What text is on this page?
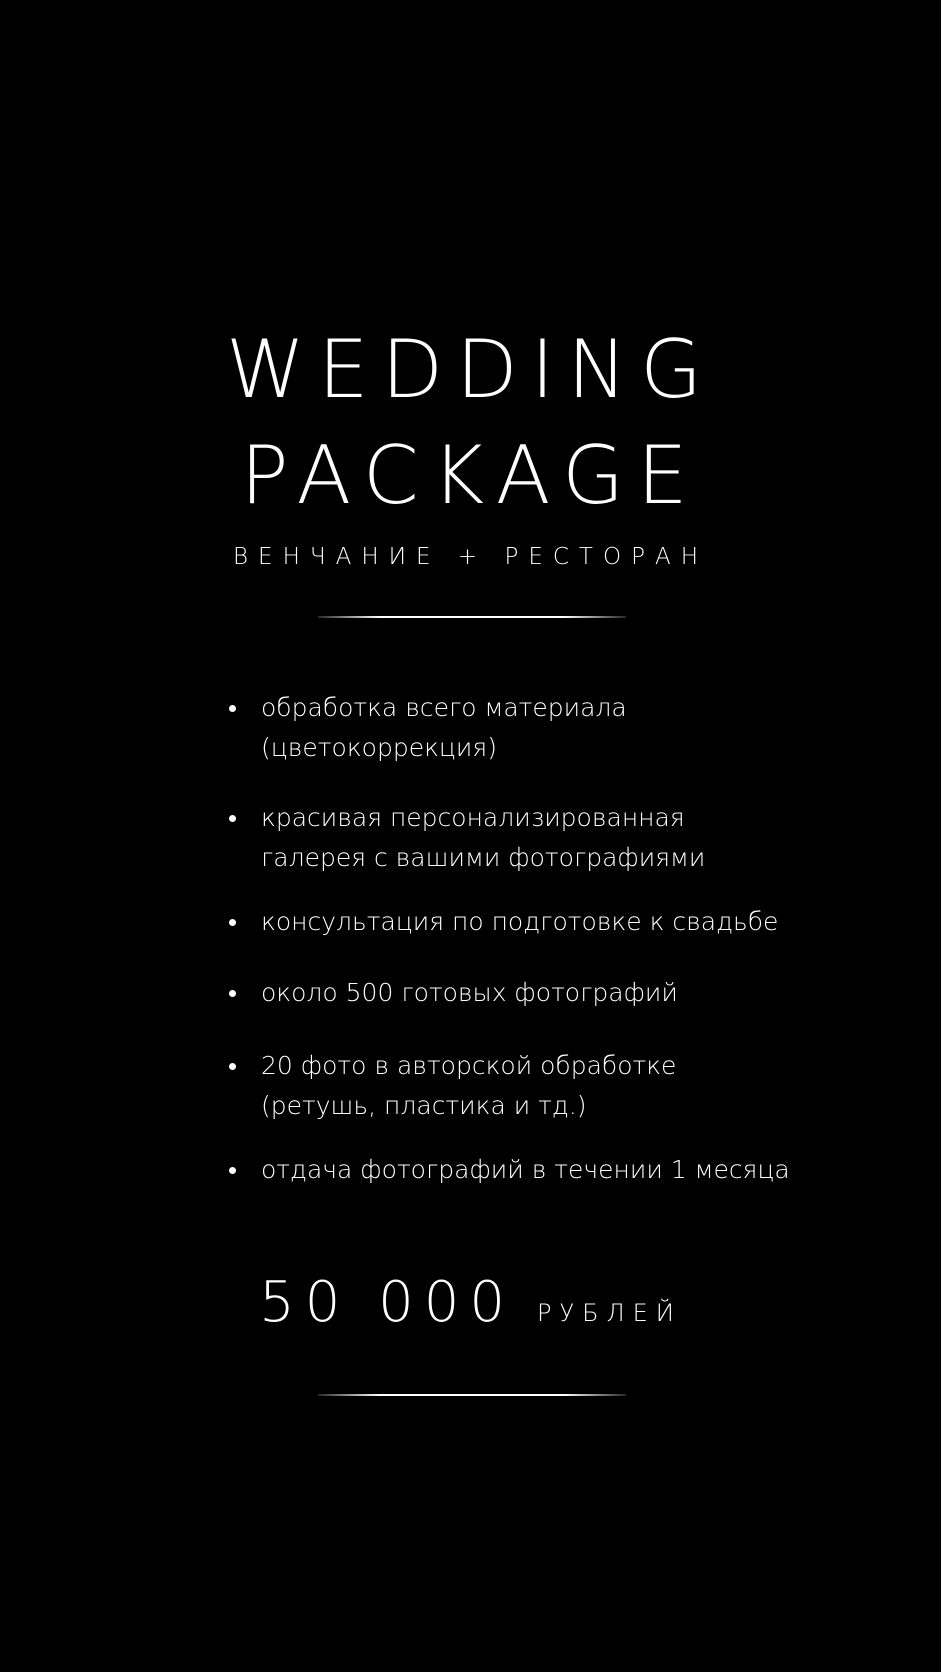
WEDDING
PACKAGE
ВЕНЧАНИЕ + РЕСТОРАН
обработка всего материала
(цветокоррекция)
красивая персонализированная
галерея с вашими фотографиями
консультация по подготовке к свадьбе
около 500 готовых фотографий
20 фото в авторской обработке
(ретушь, пластика и тд.)
отдача фотографий в течении 1 месяца
50 000 РУБЛЕЙ
